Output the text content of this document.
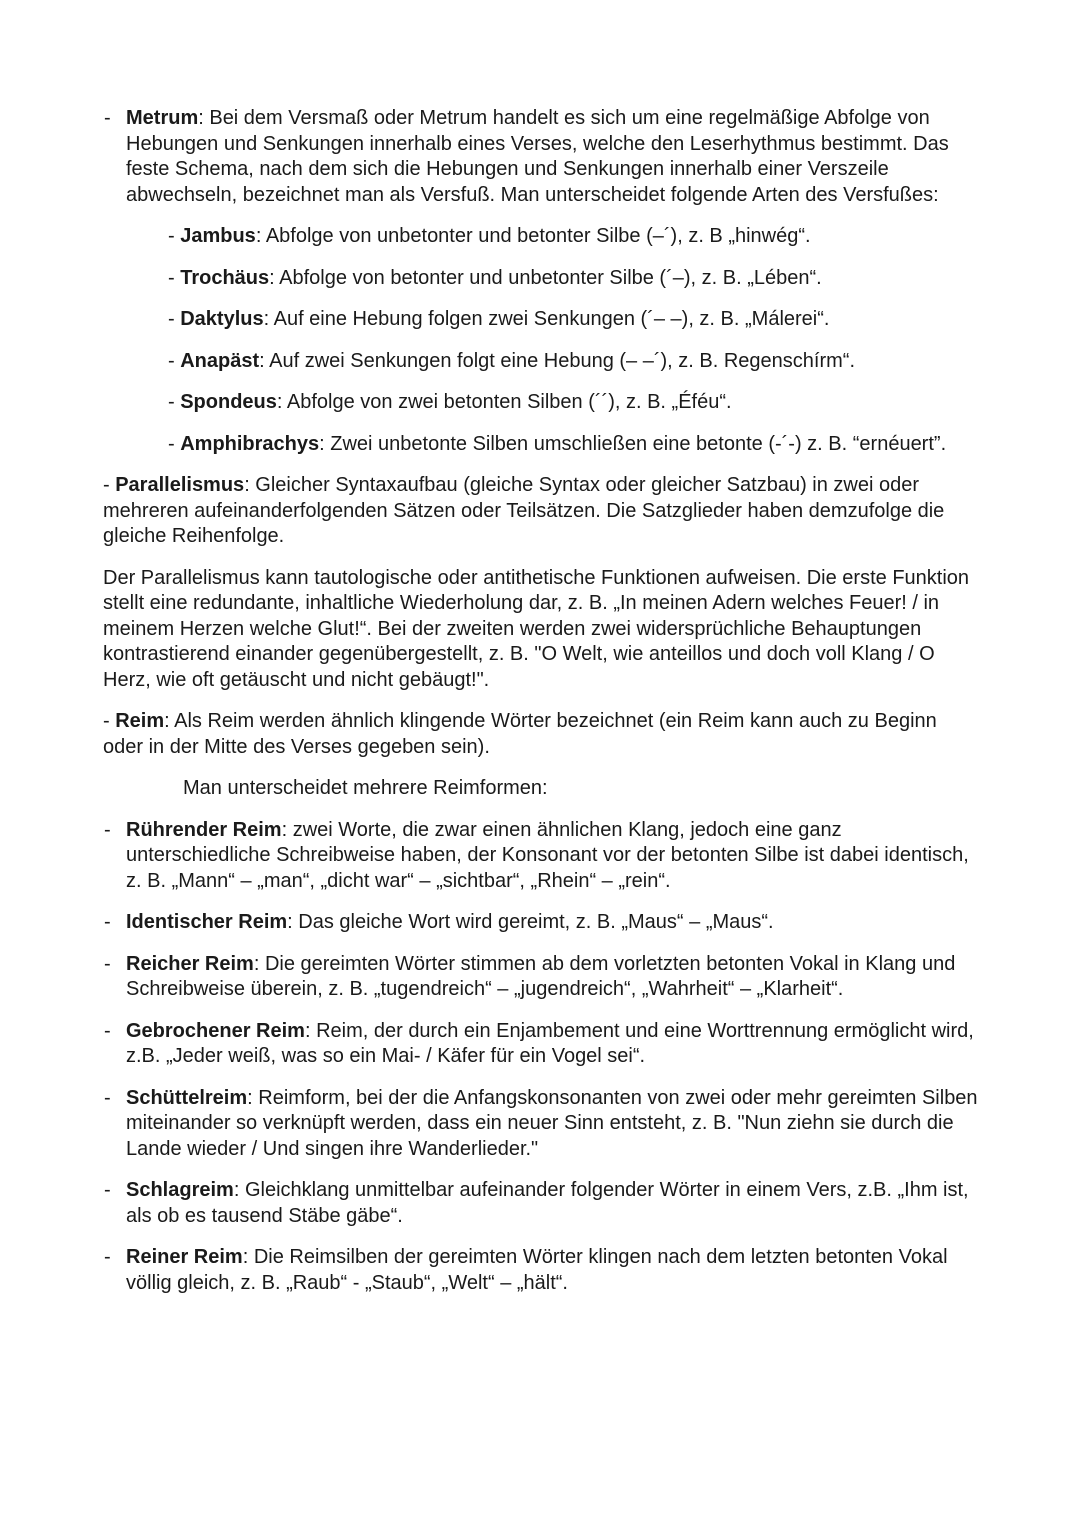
- Metrum: Bei dem Versmaß oder Metrum handelt es sich um eine regelmäßige Abfolge von Hebungen und Senkungen innerhalb eines Verses, welche den Leserhythmus bestimmt. Das feste Schema, nach dem sich die Hebungen und Senkungen innerhalb einer Verszeile abwechseln, bezeichnet man als Versfuß. Man unterscheidet folgende Arten des Versfußes:
- Jambus: Abfolge von unbetonter und betonter Silbe (–´), z. B „hinwég“.
- Trochäus: Abfolge von betonter und unbetonter Silbe (´–), z. B. „Lében“.
- Daktylus: Auf eine Hebung folgen zwei Senkungen (´– –), z. B. „Málerei“.
- Anapäst: Auf zwei Senkungen folgt eine Hebung (– –´), z. B. Regenschírm“.
- Spondeus: Abfolge von zwei betonten Silben (´´), z. B. „Éféu“.
- Amphibrachys: Zwei unbetonte Silben umschließen eine betonte (-´-) z. B. “ernéuert”.
- Parallelismus: Gleicher Syntaxaufbau (gleiche Syntax oder gleicher Satzbau) in zwei oder mehreren aufeinanderfolgenden Sätzen oder Teilsätzen. Die Satzglieder haben demzufolge die gleiche Reihenfolge.
Der Parallelismus kann tautologische oder antithetische Funktionen aufweisen. Die erste Funktion stellt eine redundante, inhaltliche Wiederholung dar, z. B. „In meinen Adern welches Feuer! / in meinem Herzen welche Glut!“. Bei der zweiten werden zwei widersprüchliche Behauptungen kontrastierend einander gegenübergestellt, z. B. "O Welt, wie anteillos und doch voll Klang / O Herz, wie oft getäuscht und nicht gebäugt!".
- Reim: Als Reim werden ähnlich klingende Wörter bezeichnet (ein Reim kann auch zu Beginn oder in der Mitte des Verses gegeben sein).
Man unterscheidet mehrere Reimformen:
- Rührender Reim: zwei Worte, die zwar einen ähnlichen Klang, jedoch eine ganz unterschiedliche Schreibweise haben, der Konsonant vor der betonten Silbe ist dabei identisch, z. B. „Mann“ – „man“, „dicht war“ – „sichtbar“, „Rhein“ – „rein“.
- Identischer Reim: Das gleiche Wort wird gereimt, z. B. „Maus“ – „Maus“.
- Reicher Reim: Die gereimten Wörter stimmen ab dem vorletzten betonten Vokal in Klang und Schreibweise überein, z. B. „tugendreich“ – „jugendreich“, „Wahrheit“ – „Klarheit“.
- Gebrochener Reim: Reim, der durch ein Enjambement und eine Worttrennung ermöglicht wird, z.B. „Jeder weiß, was so ein Mai- / Käfer für ein Vogel sei“.
- Schüttelreim: Reimform, bei der die Anfangskonsonanten von zwei oder mehr gereimten Silben miteinander so verknüpft werden, dass ein neuer Sinn entsteht, z. B. "Nun ziehn sie durch die Lande wieder / Und singen ihre Wanderlieder."
- Schlagreim: Gleichklang unmittelbar aufeinander folgender Wörter in einem Vers, z.B. „Ihm ist, als ob es tausend Stäbe gäbe“.
- Reiner Reim: Die Reimsilben der gereimten Wörter klingen nach dem letzten betonten Vokal völlig gleich, z. B. „Raub“ - „Staub“, „Welt“ – „hält“.
